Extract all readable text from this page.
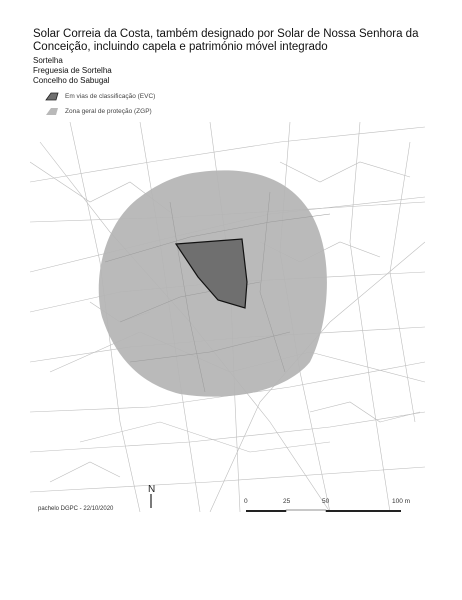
Solar Correia da Costa, também designado por Solar de Nossa Senhora da Conceição, incluindo capela e património móvel integrado
Sortelha
Freguesia de Sortelha
Concelho do Sabugal
Em vias de classificação (EVC)
Zona geral de proteção (ZGP)
N
pachelo DGPC - 22/10/2020
0	25	50	100 m
